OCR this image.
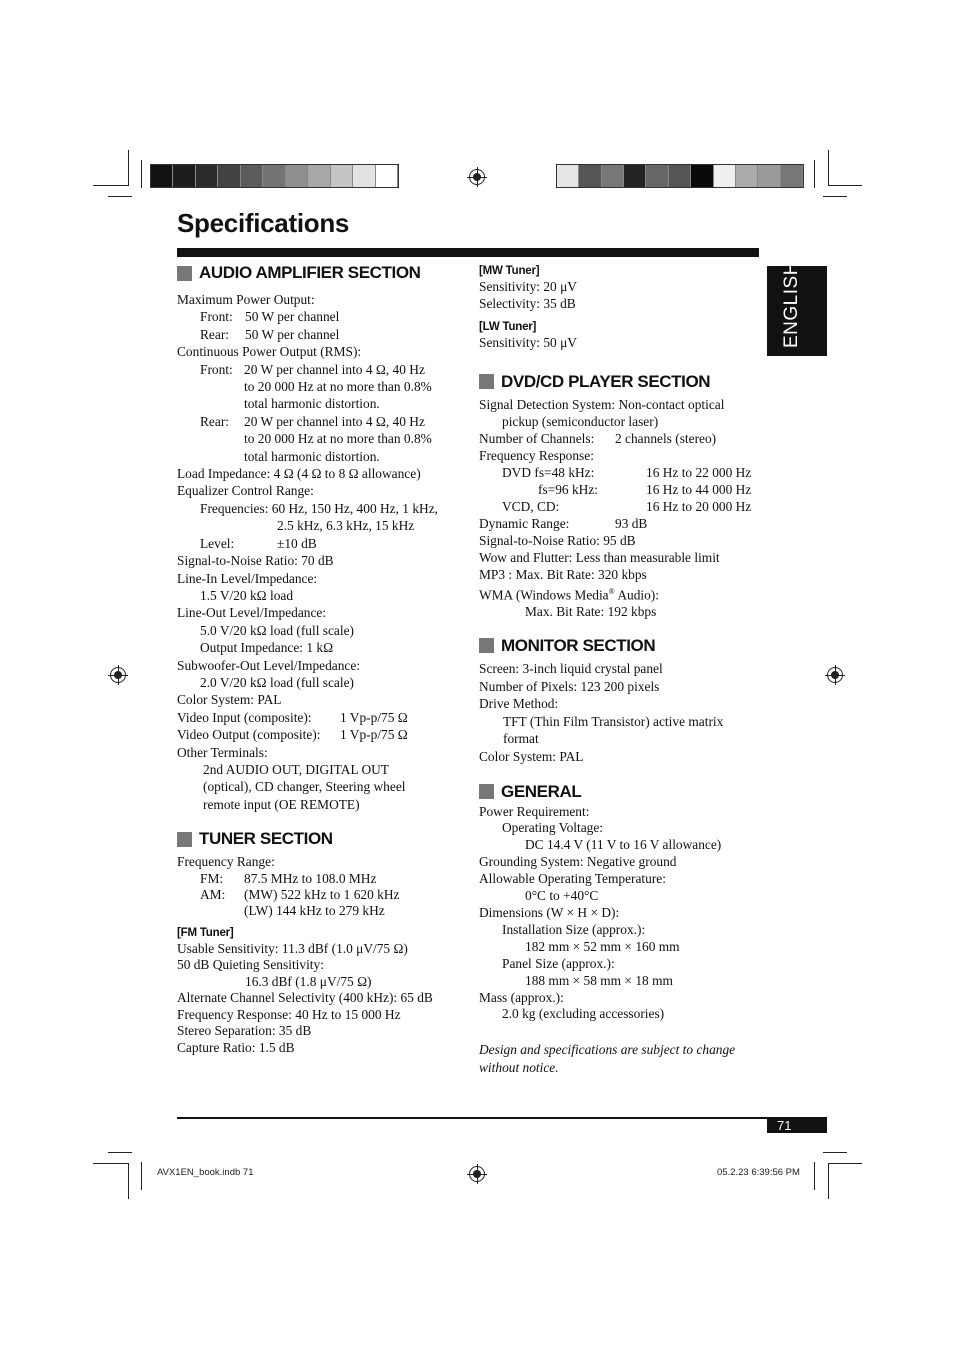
Specifications
ENGLISH
AUDIO AMPLIFIER SECTION

Maximum Power Output:

Front: 50 W per channel

Rear: 50 W per channel

Continuous Power Output (RMS):

Front: 20 W per channel into 4 Ω, 40 Hz

to 20 000 Hz at no more than 0.8%

total harmonic distortion.

Rear: 20 W per channel into 4 Ω, 40 Hz

to 20 000 Hz at no more than 0.8%

total harmonic distortion.

Load Impedance: 4 Ω (4 Ω to 8 Ω allowance)

Equalizer Control Range:

Frequencies: 60 Hz, 150 Hz, 400 Hz, 1 kHz,

2.5 kHz, 6.3 kHz, 15 kHz

Level:	±10 dB

Signal-to-Noise Ratio: 70 dB

Line-In Level/Impedance:

1.5 V/20 kΩ load

Line-Out Level/Impedance:

5.0 V/20 kΩ load (full scale)

Output Impedance: 1 kΩ

Subwoofer-Out Level/Impedance:

2.0 V/20 kΩ load (full scale)

Color System: PAL

Video Input (composite): 1 Vp-p/75 Ω

Video Output (composite): 1 Vp-p/75 Ω

Other Terminals:

2nd AUDIO OUT, DIGITAL OUT

(optical), CD changer, Steering wheel

remote input (OE REMOTE)

TUNER SECTION

Frequency Range:

FM: 87.5 MHz to 108.0 MHz

AM: (MW) 522 kHz to 1 620 kHz

(LW) 144 kHz to 279 kHz

[FM Tuner]

Usable Sensitivity: 11.3 dBf (1.0 μV/75 Ω)

50 dB Quieting Sensitivity:

16.3 dBf (1.8 μV/75 Ω)

Alternate Channel Selectivity (400 kHz): 65 dB

Frequency Response: 40 Hz to 15 000 Hz

Stereo Separation: 35 dB

Capture Ratio: 1.5 dB

[MW Tuner]

Sensitivity: 20 μV

Selectivity: 35 dB

[LW Tuner]

Sensitivity: 50 μV

DVD/CD PLAYER SECTION

Signal Detection System: Non-contact optical

pickup (semiconductor laser)

Number of Channels: 2 channels (stereo)

Frequency Response:

DVD fs=48 kHz:	16 Hz to 22 000 Hz

fs=96 kHz:	16 Hz to 44 000 Hz

VCD, CD:	16 Hz to 20 000 Hz

Dynamic Range:	93 dB

Signal-to-Noise Ratio: 95 dB

Wow and Flutter: Less than measurable limit

MP3 : Max. Bit Rate: 320 kbps

WMA (Windows Media® Audio):

Max. Bit Rate: 192 kbps

MONITOR SECTION

Screen: 3-inch liquid crystal panel

Number of Pixels: 123 200 pixels

Drive Method:

TFT (Thin Film Transistor) active matrix

format

Color System: PAL

GENERAL

Power Requirement:

Operating Voltage:

DC 14.4 V (11 V to 16 V allowance)

Grounding System: Negative ground

Allowable Operating Temperature:

0°C to +40°C

Dimensions (W × H × D):

Installation Size (approx.):

182 mm × 52 mm × 160 mm

Panel Size (approx.):

188 mm × 58 mm × 18 mm

Mass (approx.):

2.0 kg (excluding accessories)

Design and specifications are subject to change

without notice.

71
AVX1EN_book.indb 71	05.2.23 6:39:56 PM
